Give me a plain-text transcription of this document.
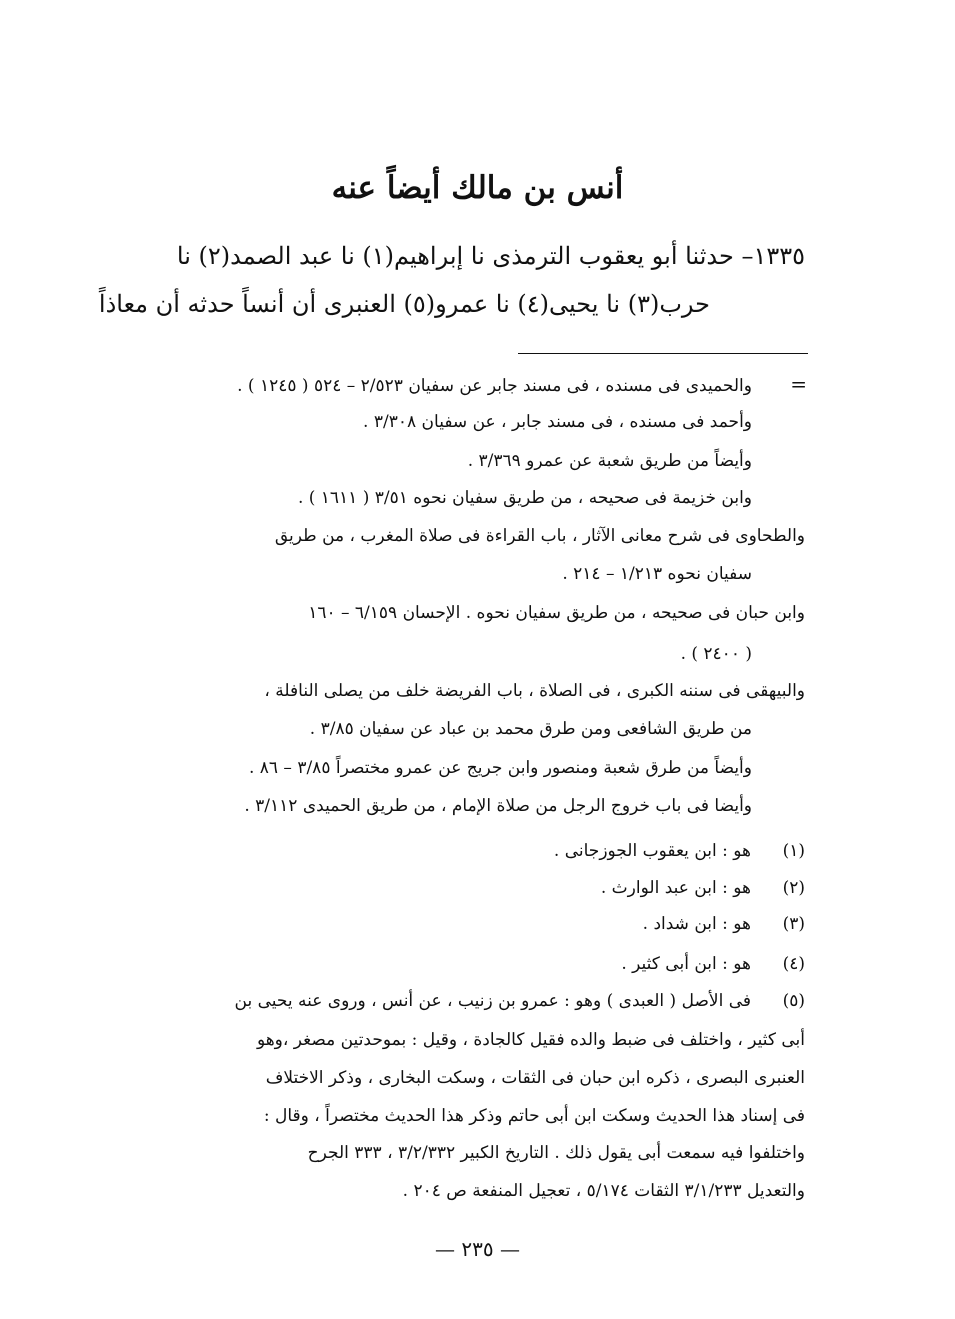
أنس بن مالك أيضاً عنه
١٣٣٥– حدثنا أبو يعقوب الترمذى نا إبراهيم(١) نا عبد الصمد(٢) نا
حرب(٣) نا يحيى(٤) نا عمرو(٥) العنبرى أن أنساً حدثه أن معاذاً
=
والحميدى فى مسنده ، فى مسند جابر عن سفيان ٢/٥٢٣ – ٥٢٤ ( ١٢٤٥ ) .
وأحمد فى مسنده ، فى مسند جابر ، عن سفيان ٣/٣٠٨ .
وأيضاً من طريق شعبة عن عمرو ٣/٣٦٩ .
وابن خزيمة فى صحيحه ، من طريق سفيان نحوه ٣/٥١ ( ١٦١١ ) .
والطحاوى فى شرح معانى الآثار ، باب القراءة فى صلاة المغرب ، من طريق
سفيان نحوه ١/٢١٣ – ٢١٤ .
وابن حبان فى صحيحه ، من طريق سفيان نحوه . الإحسان ٦/١٥٩ – ١٦٠
( ٢٤٠٠ ) .
والبيهقى فى سننه الكبرى ، فى الصلاة ، باب الفريضة خلف من يصلى النافلة ،
من طريق الشافعى ومن طرق محمد بن عباد عن سفيان ٣/٨٥ .
وأيضاً من طرق شعبة ومنصور وابن جريج عن عمرو مختصراً ٣/٨٥ – ٨٦ .
وأيضا فى باب خروج الرجل من صلاة الإمام ، من طريق الحميدى ٣/١١٢ .
(١)هو : ابن يعقوب الجوزجانى .
(٢)هو : ابن عبد الوارث .
(٣)هو : ابن شداد .
(٤)هو : ابن أبى كثير .
(٥)فى الأصل ( العبدى ) وهو : عمرو بن زنيب ، عن أنس ، وروى عنه يحيى بن
أبى كثير ، واختلف فى ضبط والده فقيل كالجادة ، وقيل : بموحدتين مصغر ،وهو
العنبرى البصرى ، ذكره ابن حبان فى الثقات ، وسكت البخارى ، وذكر الاختلاف
فى إسناد هذا الحديث وسكت ابن أبى حاتم وذكر هذا الحديث مختصراً ، وقال :
واختلفوا فيه سمعت أبى يقول ذلك . التاريخ الكبير ٣/٢/٣٣٢ ، ٣٣٣ الجرح
والتعديل ٣/١/٢٣٣ الثقات ٥/١٧٤ ، تعجيل المنفعة ص ٢٠٤ .
— ٢٣٥ —
